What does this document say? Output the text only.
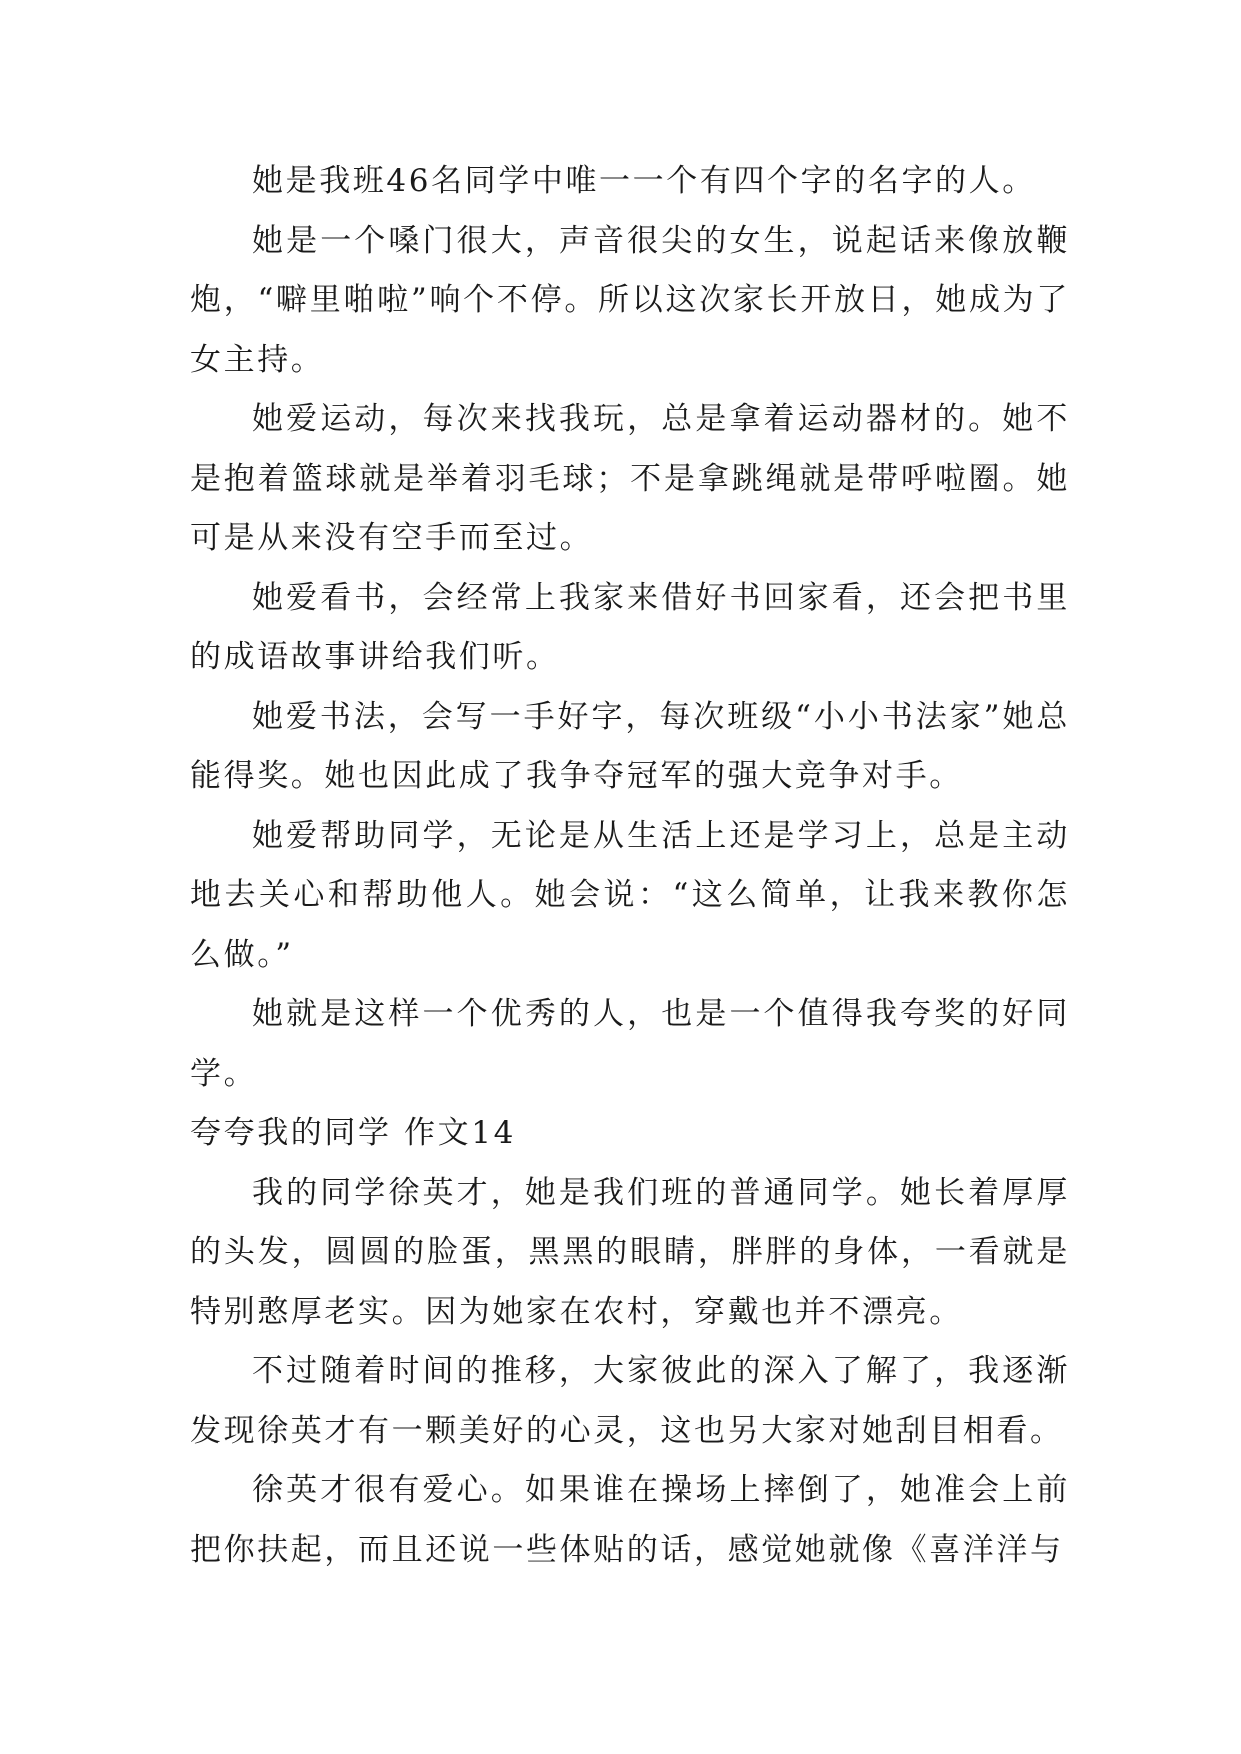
她是我班46名同学中唯一一个有四个字的名字的人。

她是一个嗓门很大，声音很尖的女生，说起话来像放鞭炮，“噼里啪啦”响个不停。所以这次家长开放日，她成为了女主持。

她爱运动，每次来找我玩，总是拿着运动器材的。她不是抱着篮球就是举着羽毛球；不是拿跳绳就是带呼啦圈。她可是从来没有空手而至过。

她爱看书，会经常上我家来借好书回家看，还会把书里的成语故事讲给我们听。

她爱书法，会写一手好字，每次班级“小小书法家”她总能得奖。她也因此成了我争夺冠军的强大竞争对手。

她爱帮助同学，无论是从生活上还是学习上，总是主动地去关心和帮助他人。她会说：“这么简单，让我来教你怎么做。”

她就是这样一个优秀的人，也是一个值得我夸奖的好同学。

夸夸我的同学 作文14

我的同学徐英才，她是我们班的普通同学。她长着厚厚的头发，圆圆的脸蛋，黑黑的眼睛，胖胖的身体，一看就是特别憨厚老实。因为她家在农村，穿戴也并不漂亮。

不过随着时间的推移，大家彼此的深入了解了，我逐渐发现徐英才有一颗美好的心灵，这也另大家对她刮目相看。

徐英才很有爱心。如果谁在操场上摔倒了，她准会上前把你扶起，而且还说一些体贴的话，感觉她就像《喜洋洋与
